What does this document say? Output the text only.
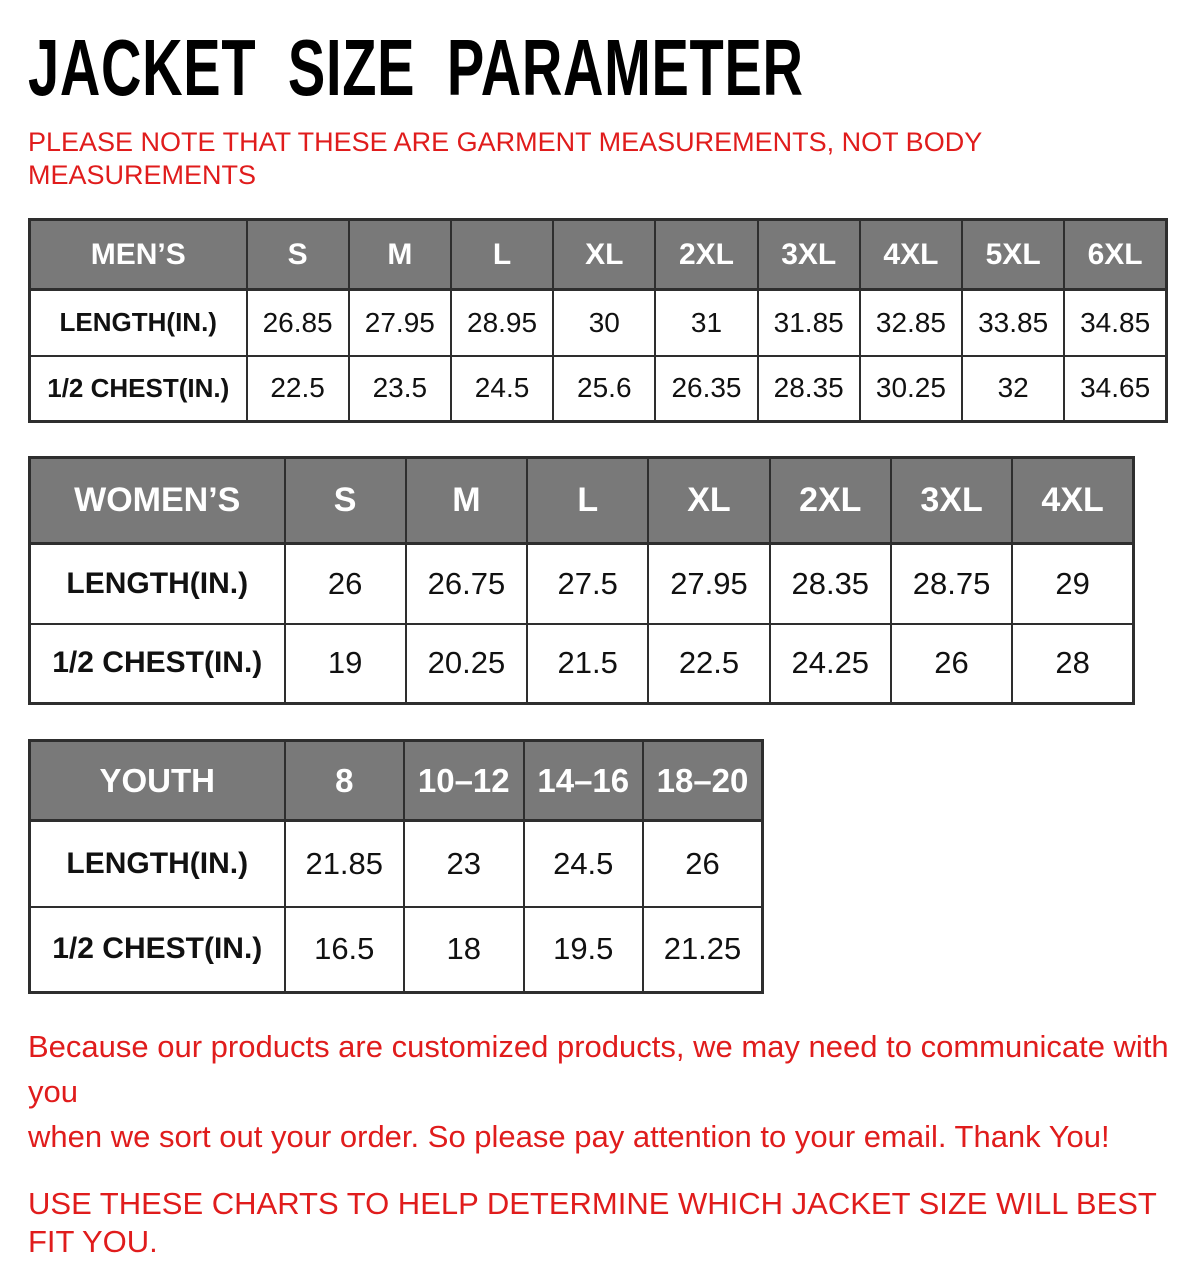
JACKET SIZE PARAMETER
PLEASE NOTE THAT THESE ARE GARMENT MEASUREMENTS, NOT BODY
MEASUREMENTS
MEN’S	S	M	L	XL	2XL	3XL	4XL	5XL	6XL
LENGTH(IN.)	26.85	27.95	28.95	30	31	31.85	32.85	33.85	34.85
1/2 CHEST(IN.)	22.5	23.5	24.5	25.6	26.35	28.35	30.25	32	34.65
WOMEN’S	S	M	L	XL	2XL	3XL	4XL
LENGTH(IN.)	26	26.75	27.5	27.95	28.35	28.75	29
1/2 CHEST(IN.)	19	20.25	21.5	22.5	24.25	26	28
YOUTH	8	10–12	14–16	18–20
LENGTH(IN.)	21.85	23	24.5	26
1/2 CHEST(IN.)	16.5	18	19.5	21.25
Because our products are customized products, we may need to communicate with you
when we sort out your order. So please pay attention to your email. Thank You!
USE THESE CHARTS TO HELP DETERMINE WHICH JACKET SIZE WILL BEST FIT YOU.
